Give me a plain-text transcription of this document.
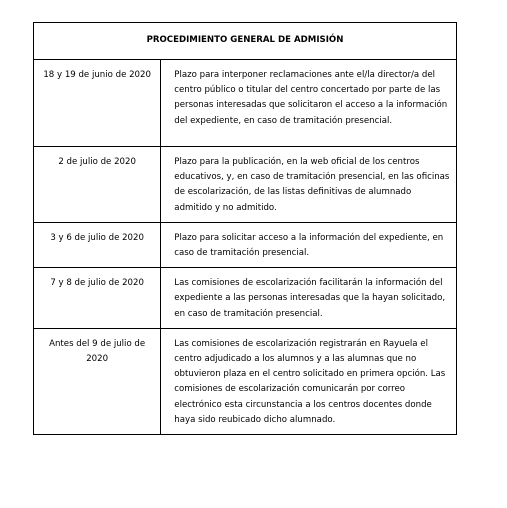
PROCEDIMIENTO GENERAL DE ADMISIÓN	
18 y 19 de junio de 2020	Plazo para interponer reclamaciones ante el/la director/a del centro público o titular del centro concertado por parte de las personas interesadas que solicitaron el acceso a la información del expediente, en caso de tramitación presencial.
2 de julio de 2020	Plazo para la publicación, en la web oficial de los centros educativos, y, en caso de tramitación presencial, en las oficinas de escolarización, de las listas definitivas de alumnado admitido y no admitido.
3 y 6 de julio de 2020	Plazo para solicitar acceso a la información del expediente, en caso de tramitación presencial.
7 y 8 de julio de 2020	Las comisiones de escolarización facilitarán la información del expediente a las personas interesadas que la hayan solicitado, en caso de tramitación presencial.
Antes del 9 de julio de 2020	Las comisiones de escolarización registrarán en Rayuela el centro adjudicado a los alumnos y a las alumnas que no obtuvieron plaza en el centro solicitado en primera opción. Las comisiones de escolarización comunicarán por correo electrónico esta circunstancia a los centros docentes donde haya sido reubicado dicho alumnado.
